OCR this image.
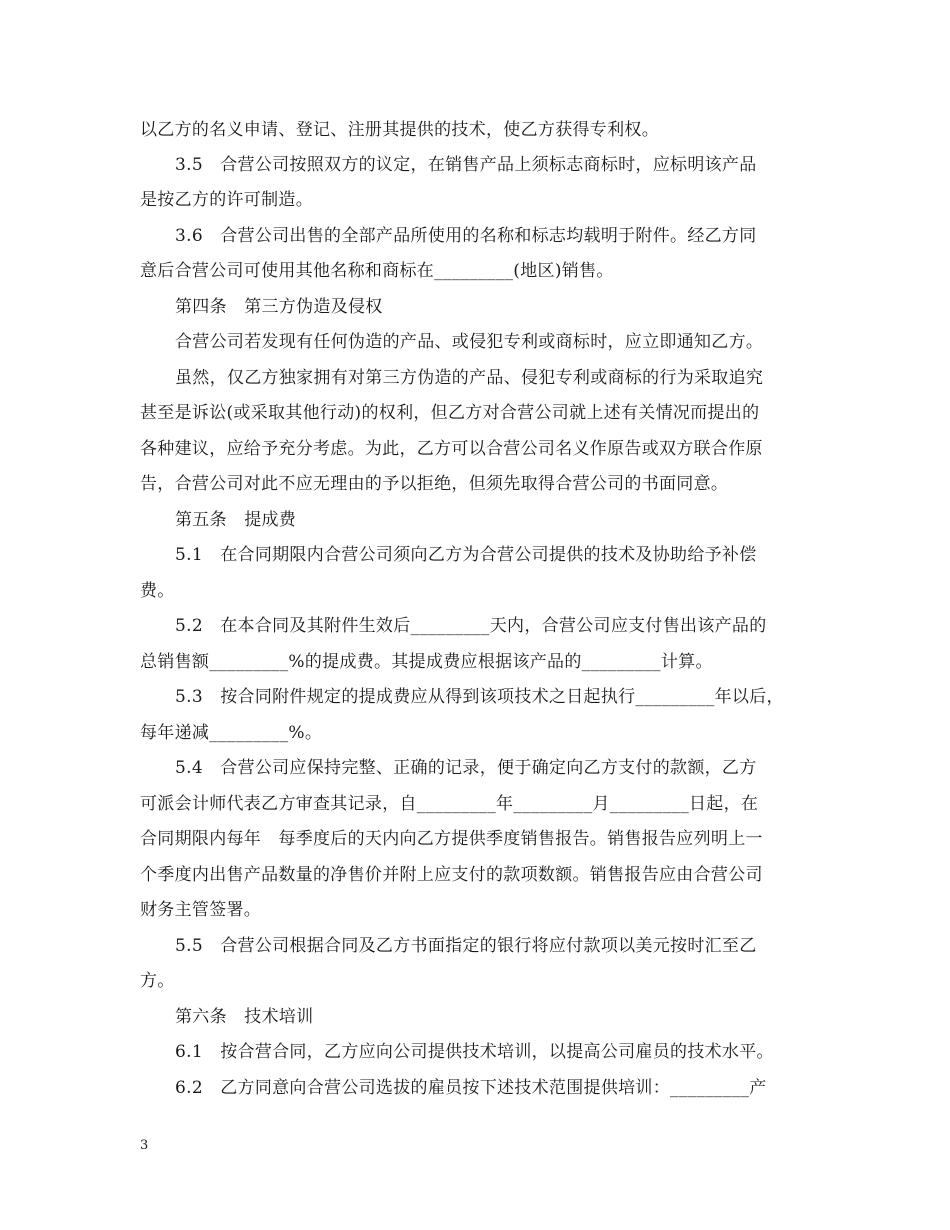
以乙方的名义申请、登记、注册其提供的技术，使乙方获得专利权。
3.5　合营公司按照双方的议定，在销售产品上须标志商标时，应标明该产品
是按乙方的许可制造。
3.6　合营公司出售的全部产品所使用的名称和标志均载明于附件。经乙方同
意后合营公司可使用其他名称和商标在_________(地区)销售。
第四条　第三方伪造及侵权
合营公司若发现有任何伪造的产品、或侵犯专利或商标时，应立即通知乙方。
虽然，仅乙方独家拥有对第三方伪造的产品、侵犯专利或商标的行为采取追究
甚至是诉讼(或采取其他行动)的权利，但乙方对合营公司就上述有关情况而提出的
各种建议，应给予充分考虑。为此，乙方可以合营公司名义作原告或双方联合作原
告，合营公司对此不应无理由的予以拒绝，但须先取得合营公司的书面同意。
第五条　提成费
5.1　在合同期限内合营公司须向乙方为合营公司提供的技术及协助给予补偿
费。
5.2　在本合同及其附件生效后_________天内，合营公司应支付售出该产品的
总销售额_________%的提成费。其提成费应根据该产品的_________计算。
5.3　按合同附件规定的提成费应从得到该项技术之日起执行_________年以后，
每年递减_________%。
5.4　合营公司应保持完整、正确的记录，便于确定向乙方支付的款额，乙方
可派会计师代表乙方审查其记录，自_________年_________月_________日起，在
合同期限内每年　每季度后的天内向乙方提供季度销售报告。销售报告应列明上一
个季度内出售产品数量的净售价并附上应支付的款项数额。销售报告应由合营公司
财务主管签署。
5.5　合营公司根据合同及乙方书面指定的银行将应付款项以美元按时汇至乙
方。
第六条　技术培训
6.1　按合营合同，乙方应向公司提供技术培训，以提高公司雇员的技术水平。
6.2　乙方同意向合营公司选拔的雇员按下述技术范围提供培训：_________产
3
